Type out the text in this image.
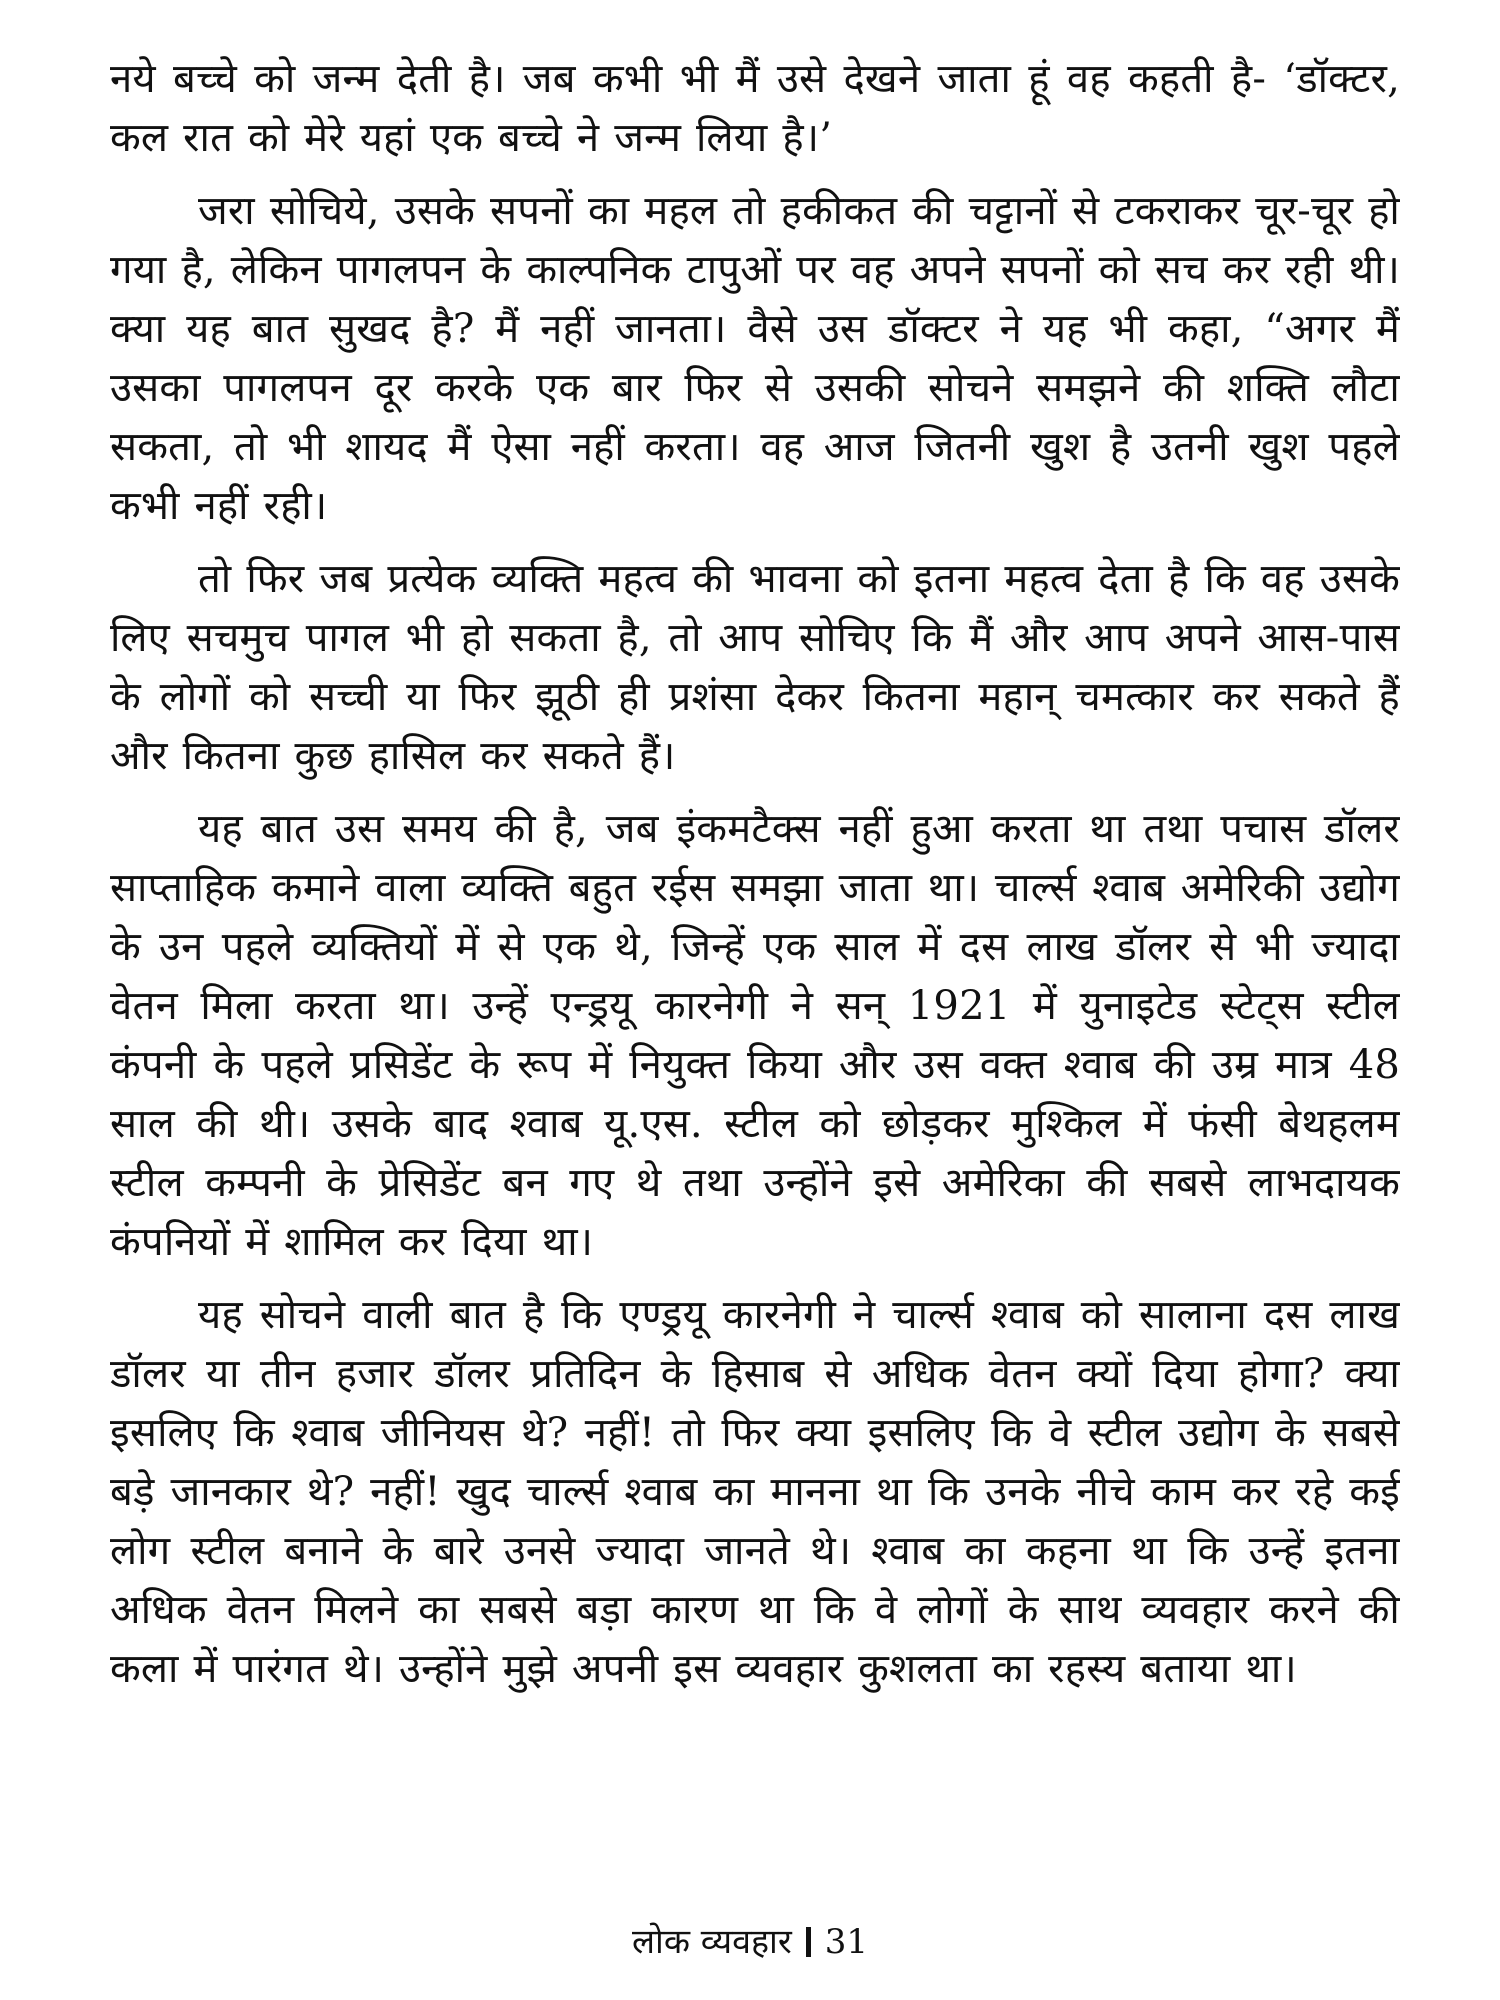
नये बच्चे को जन्म देती है। जब कभी भी मैं उसे देखने जाता हूं वह कहती है- ‘डॉक्टर, कल रात को मेरे यहां एक बच्चे ने जन्म लिया है।’

जरा सोचिये, उसके सपनों का महल तो हकीकत की चट्टानों से टकराकर चूर-चूर हो गया है, लेकिन पागलपन के काल्पनिक टापुओं पर वह अपने सपनों को सच कर रही थी। क्या यह बात सुखद है? मैं नहीं जानता। वैसे उस डॉक्टर ने यह भी कहा, “अगर मैं उसका पागलपन दूर करके एक बार फिर से उसकी सोचने समझने की शक्ति लौटा सकता, तो भी शायद मैं ऐसा नहीं करता। वह आज जितनी खुश है उतनी खुश पहले कभी नहीं रही।

तो फिर जब प्रत्येक व्यक्ति महत्व की भावना को इतना महत्व देता है कि वह उसके लिए सचमुच पागल भी हो सकता है, तो आप सोचिए कि मैं और आप अपने आस-पास के लोगों को सच्ची या फिर झूठी ही प्रशंसा देकर कितना महान् चमत्कार कर सकते हैं और कितना कुछ हासिल कर सकते हैं।

यह बात उस समय की है, जब इंकमटैक्स नहीं हुआ करता था तथा पचास डॉलर साप्ताहिक कमाने वाला व्यक्ति बहुत रईस समझा जाता था। चार्ल्स श्वाब अमेरिकी उद्योग के उन पहले व्यक्तियों में से एक थे, जिन्हें एक साल में दस लाख डॉलर से भी ज्यादा वेतन मिला करता था। उन्हें एन्ड्रयू कारनेगी ने सन् 1921 में युनाइटेड स्टेट्स स्टील कंपनी के पहले प्रसिडेंट के रूप में नियुक्त किया और उस वक्त श्वाब की उम्र मात्र 48 साल की थी। उसके बाद श्वाब यू.एस. स्टील को छोड़कर मुश्किल में फंसी बेथहलम स्टील कम्पनी के प्रेसिडेंट बन गए थे तथा उन्होंने इसे अमेरिका की सबसे लाभदायक कंपनियों में शामिल कर दिया था।

यह सोचने वाली बात है कि एण्ड्रयू कारनेगी ने चार्ल्स श्वाब को सालाना दस लाख डॉलर या तीन हजार डॉलर प्रतिदिन के हिसाब से अधिक वेतन क्यों दिया होगा? क्या इसलिए कि श्वाब जीनियस थे? नहीं! तो फिर क्या इसलिए कि वे स्टील उद्योग के सबसे बड़े जानकार थे? नहीं! खुद चार्ल्स श्वाब का मानना था कि उनके नीचे काम कर रहे कई लोग स्टील बनाने के बारे उनसे ज्यादा जानते थे। श्वाब का कहना था कि उन्हें इतना अधिक वेतन मिलने का सबसे बड़ा कारण था कि वे लोगों के साथ व्यवहार करने की कला में पारंगत थे। उन्होंने मुझे अपनी इस व्यवहार कुशलता का रहस्य बताया था।

लोक व्यवहार 31
